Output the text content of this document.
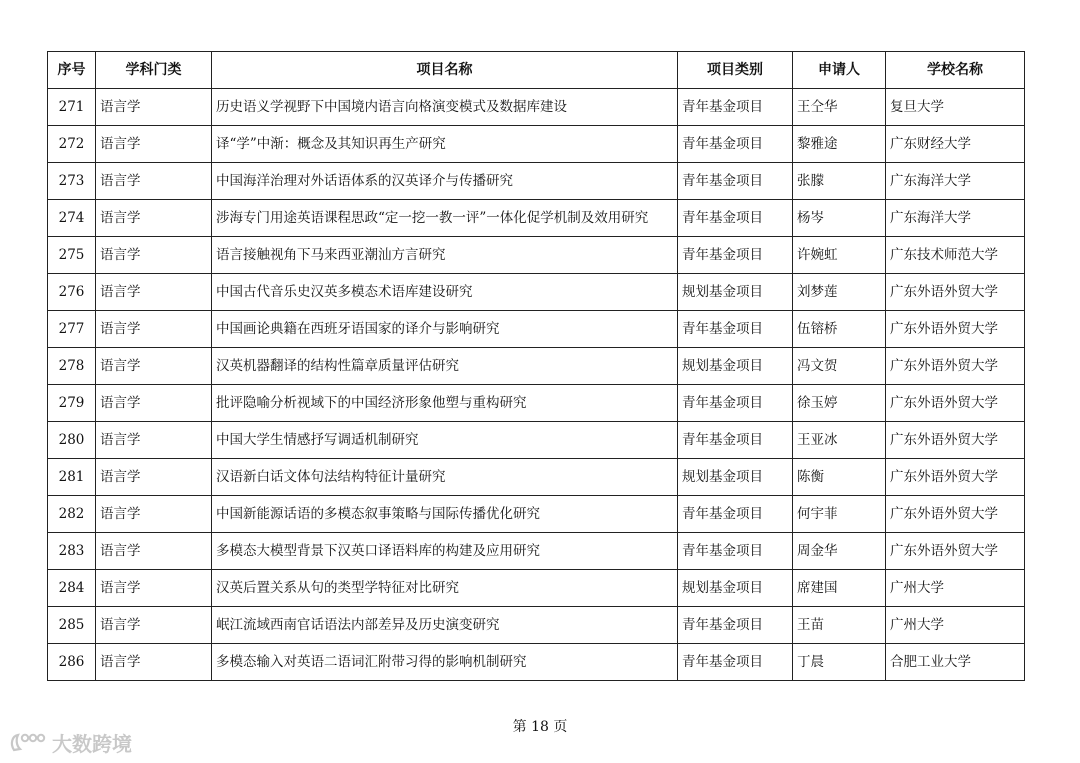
序号	学科门类	项目名称	项目类别	申请人	学校名称
271	语言学	历史语义学视野下中国境内语言向格演变模式及数据库建设	青年基金项目	王仝华	复旦大学
272	语言学	译“学”中渐：概念及其知识再生产研究	青年基金项目	黎雅途	广东财经大学
273	语言学	中国海洋治理对外话语体系的汉英译介与传播研究	青年基金项目	张朦	广东海洋大学
274	语言学	涉海专门用途英语课程思政“定一挖一教一评”一体化促学机制及效用研究	青年基金项目	杨岑	广东海洋大学
275	语言学	语言接触视角下马来西亚潮汕方言研究	青年基金项目	许婉虹	广东技术师范大学
276	语言学	中国古代音乐史汉英多模态术语库建设研究	规划基金项目	刘梦莲	广东外语外贸大学
277	语言学	中国画论典籍在西班牙语国家的译介与影响研究	青年基金项目	伍镕桥	广东外语外贸大学
278	语言学	汉英机器翻译的结构性篇章质量评估研究	规划基金项目	冯文贺	广东外语外贸大学
279	语言学	批评隐喻分析视域下的中国经济形象他塑与重构研究	青年基金项目	徐玉婷	广东外语外贸大学
280	语言学	中国大学生情感抒写调适机制研究	青年基金项目	王亚冰	广东外语外贸大学
281	语言学	汉语新白话文体句法结构特征计量研究	规划基金项目	陈衡	广东外语外贸大学
282	语言学	中国新能源话语的多模态叙事策略与国际传播优化研究	青年基金项目	何宇菲	广东外语外贸大学
283	语言学	多模态大模型背景下汉英口译语料库的构建及应用研究	青年基金项目	周金华	广东外语外贸大学
284	语言学	汉英后置关系从句的类型学特征对比研究	规划基金项目	席建国	广州大学
285	语言学	岷江流域西南官话语法内部差异及历史演变研究	青年基金项目	王苗	广州大学
286	语言学	多模态输入对英语二语词汇附带习得的影响机制研究	青年基金项目	丁晨	合肥工业大学
第 18 页
大数跨境
